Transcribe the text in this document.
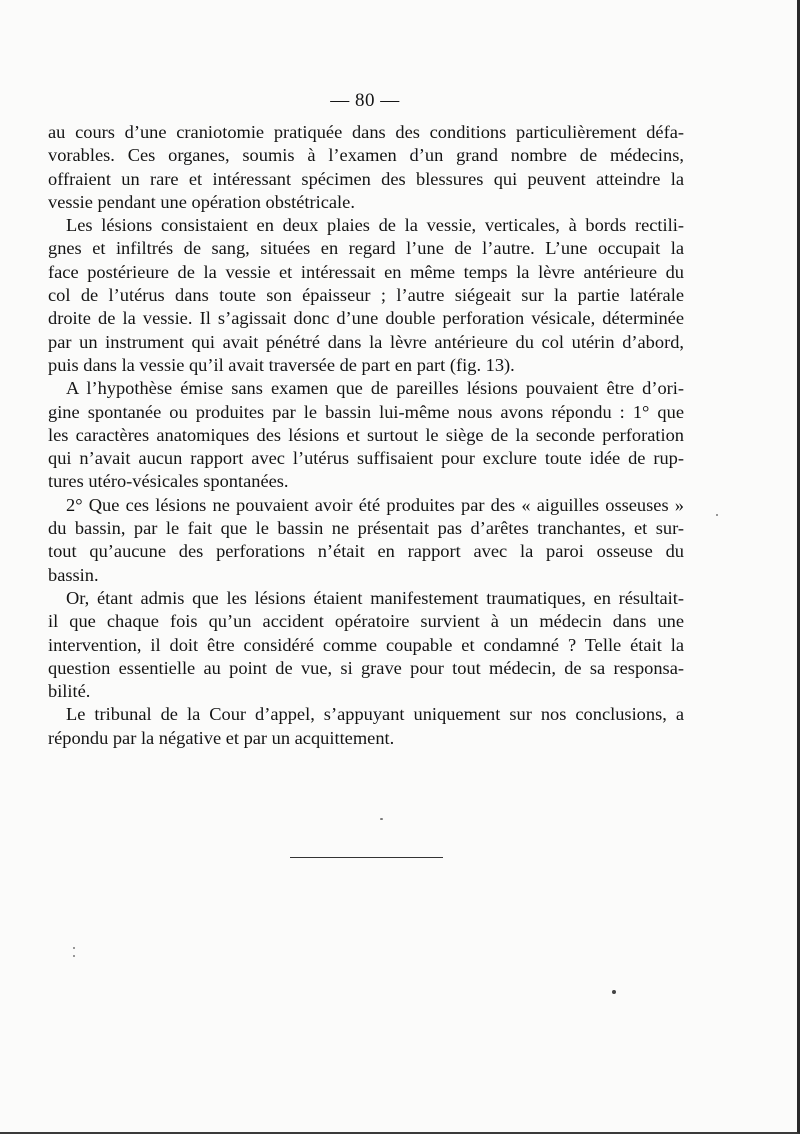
— 80 —

au cours d’une craniotomie pratiquée dans des conditions particulièrement défa-
vorables. Ces organes, soumis à l’examen d’un grand nombre de médecins,
offraient un rare et intéressant spécimen des blessures qui peuvent atteindre la
vessie pendant une opération obstétricale.

Les lésions consistaient en deux plaies de la vessie, verticales, à bords rectili-
gnes et infiltrés de sang, situées en regard l’une de l’autre. L’une occupait la
face postérieure de la vessie et intéressait en même temps la lèvre antérieure du
col de l’utérus dans toute son épaisseur ; l’autre siégeait sur la partie latérale
droite de la vessie. Il s’agissait donc d’une double perforation vésicale, déterminée
par un instrument qui avait pénétré dans la lèvre antérieure du col utérin d’abord,
puis dans la vessie qu’il avait traversée de part en part (fig. 13).

A l’hypothèse émise sans examen que de pareilles lésions pouvaient être d’ori-
gine spontanée ou produites par le bassin lui-même nous avons répondu : 1° que
les caractères anatomiques des lésions et surtout le siège de la seconde perforation
qui n’avait aucun rapport avec l’utérus suffisaient pour exclure toute idée de rup-
tures utéro-vésicales spontanées.

2° Que ces lésions ne pouvaient avoir été produites par des « aiguilles osseuses »
du bassin, par le fait que le bassin ne présentait pas d’arêtes tranchantes, et sur-
tout qu’aucune des perforations n’était en rapport avec la paroi osseuse du
bassin.

Or, étant admis que les lésions étaient manifestement traumatiques, en résultait-
il que chaque fois qu’un accident opératoire survient à un médecin dans une
intervention, il doit être considéré comme coupable et condamné ? Telle était la
question essentielle au point de vue, si grave pour tout médecin, de sa responsa-
bilité.

Le tribunal de la Cour d’appel, s’appuyant uniquement sur nos conclusions, a
répondu par la négative et par un acquittement.
